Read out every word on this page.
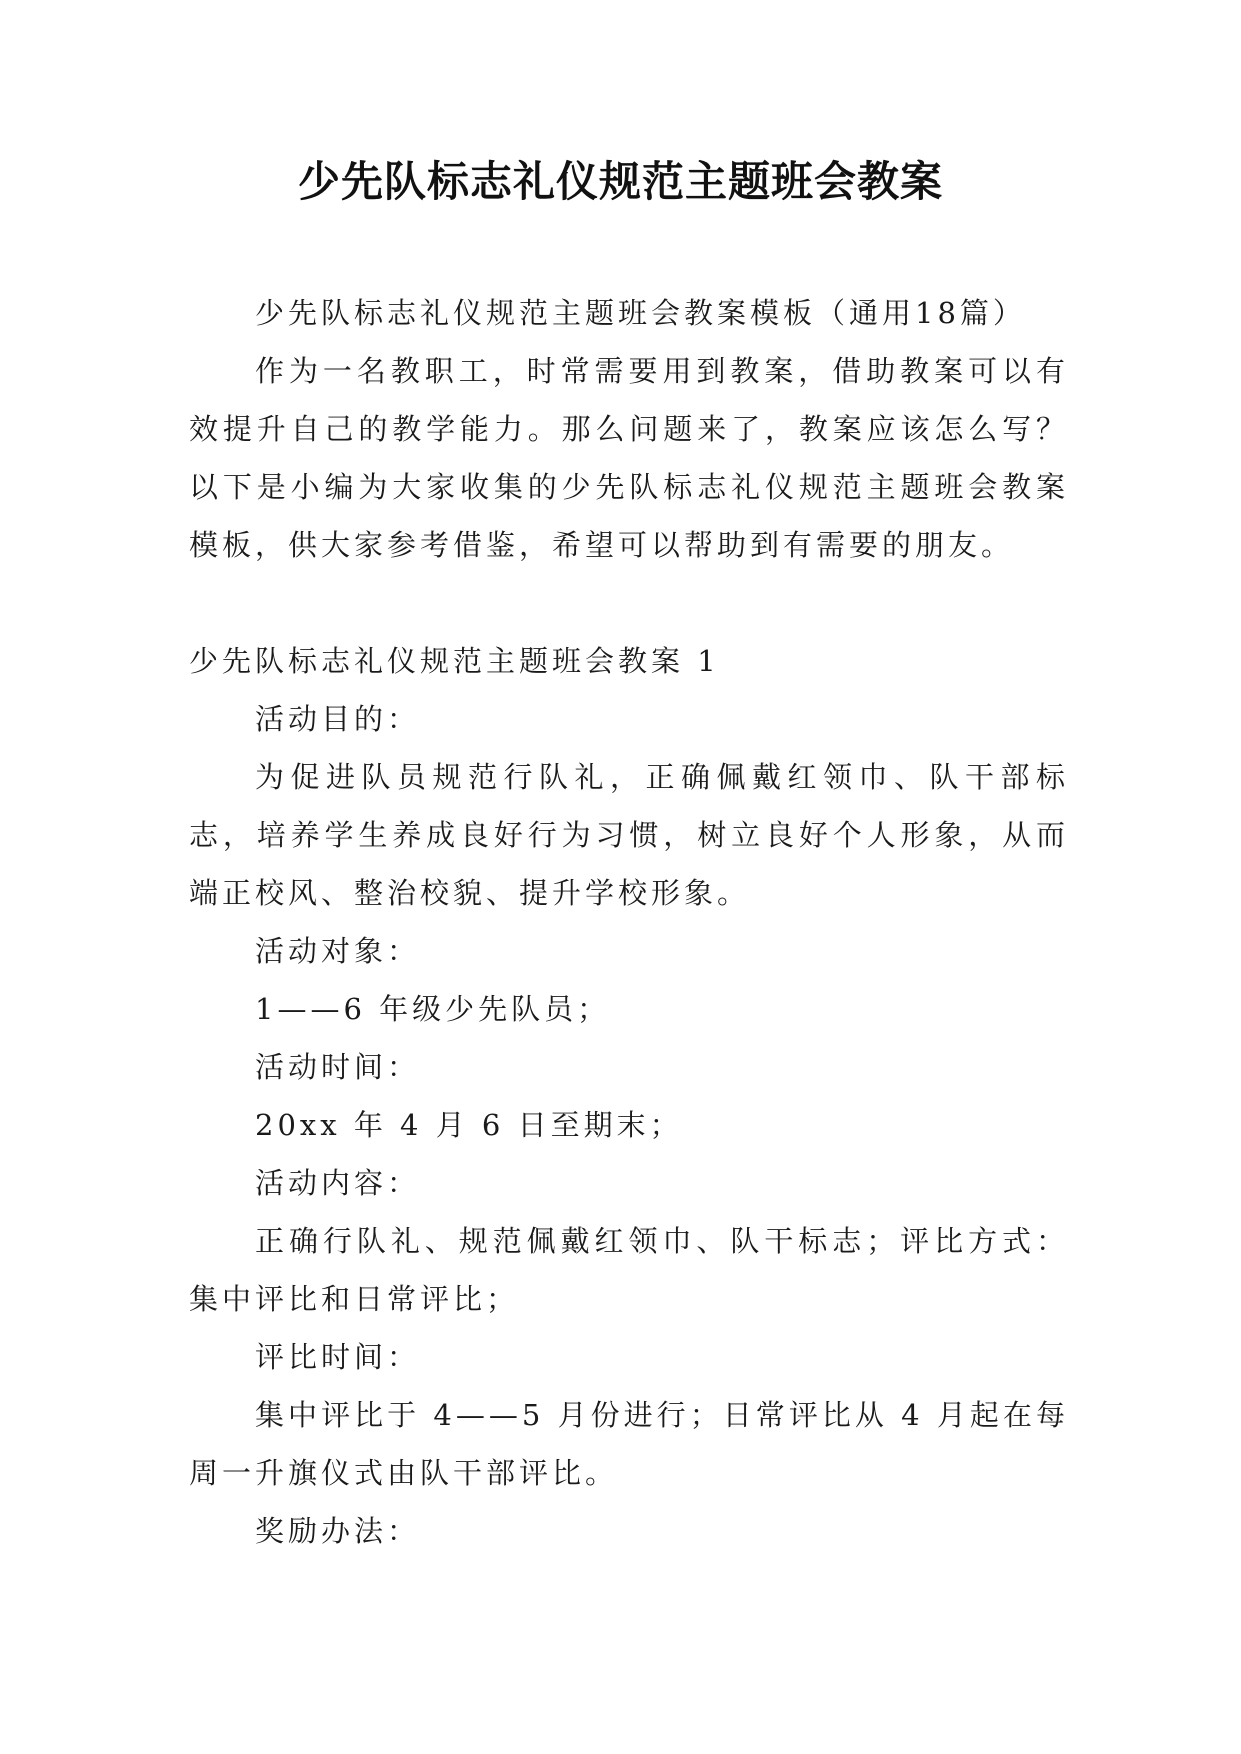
少先队标志礼仪规范主题班会教案

少先队标志礼仪规范主题班会教案模板（通用18篇）

作为一名教职工，时常需要用到教案，借助教案可以有效提升自己的教学能力。那么问题来了，教案应该怎么写？以下是小编为大家收集的少先队标志礼仪规范主题班会教案模板，供大家参考借鉴，希望可以帮助到有需要的朋友。

少先队标志礼仪规范主题班会教案 1

活动目的：

为促进队员规范行队礼，正确佩戴红领巾、队干部标志，培养学生养成良好行为习惯，树立良好个人形象，从而端正校风、整治校貌、提升学校形象。

活动对象：

1——6 年级少先队员；

活动时间：

20xx 年 4 月 6 日至期末；

活动内容：

正确行队礼、规范佩戴红领巾、队干标志；评比方式：集中评比和日常评比；

评比时间：

集中评比于 4——5 月份进行；日常评比从 4 月起在每周一升旗仪式由队干部评比。

奖励办法：
